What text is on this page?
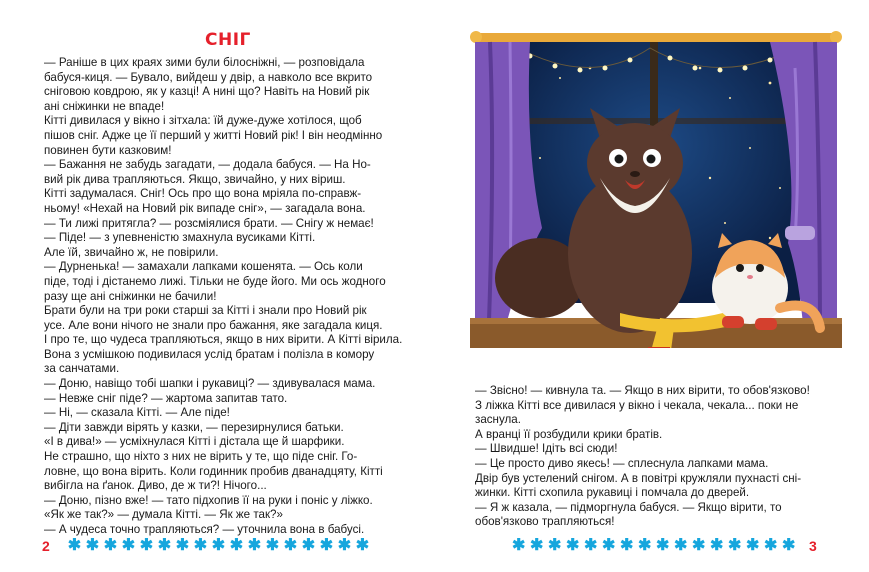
СНІГ

— Раніше в цих краях зими були білосніжні, — розповідала

бабуся-киця. — Бувало, вийдеш у двір, а навколо все вкрито

сніговою ковдрою, як у казці! А нині що? Навіть на Новий рік

ані сніжинки не впаде!

Кітті дивилася у вікно і зітхала: їй дуже-дуже хотілося, щоб

пішов сніг. Адже це її перший у житті Новий рік! І він неодмінно

повинен бути казковим!

— Бажання не забудь загадати, — додала бабуся. — На Но-

вий рік дива трапляються. Якщо, звичайно, у них віриш.

Кітті задумалася. Сніг! Ось про що вона мріяла по-справж-

ньому! «Нехай на Новий рік випаде сніг», — загадала вона.

— Ти лижі притягла? — розсміялися брати. — Снігу ж немає!

— Піде! — з упевненістю змахнула вусиками Кітті.

Але їй, звичайно ж, не повірили.

— Дурненька! — замахали лапками кошенята. — Ось коли

піде, тоді і дістанемо лижі. Тільки не буде його. Ми ось жодного

разу ще ані сніжинки не бачили!

Брати були на три роки старші за Кітті і знали про Новий рік

усе. Але вони нічого не знали про бажання, яке загадала киця.

І про те, що чудеса трапляються, якщо в них вірити. А Кітті вірила.

Вона з усмішкою подивилася услід братам і полізла в комору

за санчатами.

— Доню, навіщо тобі шапки і рукавиці? — здивувалася мама.

— Невже сніг піде? — жартома запитав тато.

— Ні, — сказала Кітті. — Але піде!

— Діти завжди вірять у казки, — перезирнулися батьки.

«І в дива!» — усміхнулася Кітті і дістала ще й шарфики.

Не страшно, що ніхто з них не вірить у те, що піде сніг. Го-

ловне, що вона вірить. Коли годинник пробив дванадцяту, Кітті

вибігла на ґанок. Диво, де ж ти?! Нічого...

— Доню, пізно вже! — тато підхопив її на руки і поніс у ліжко.

«Як же так?» — думала Кітті. — Як же так?»

— А чудеса точно трапляються? — уточнила вона в бабусі.

2 ✱ ✱ ✱ ✱ ✱ ✱ ✱ ✱ ✱ ✱ ✱ ✱ ✱ ✱ ✱ ✱ ✱

— Звісно! — кивнула та. — Якщо в них вірити, то обов'язково!

З ліжка Кітті все дивилася у вікно і чекала, чекала... поки не

заснула.

А вранці її розбудили крики братів.

— Швидше! Ідіть всі сюди!

— Це просто диво якесь! — сплеснула лапками мама.

Двір був устелений снігом. А в повітрі кружляли пухнасті сні-

жинки. Кітті схопила рукавиці і помчала до дверей.

— Я ж казала, — підморгнула бабуся. — Якщо вірити, то

обов'язково трапляються!

✱ ✱ ✱ ✱ ✱ ✱ ✱ ✱ ✱ ✱ ✱ ✱ ✱ ✱ ✱ ✱ 3
